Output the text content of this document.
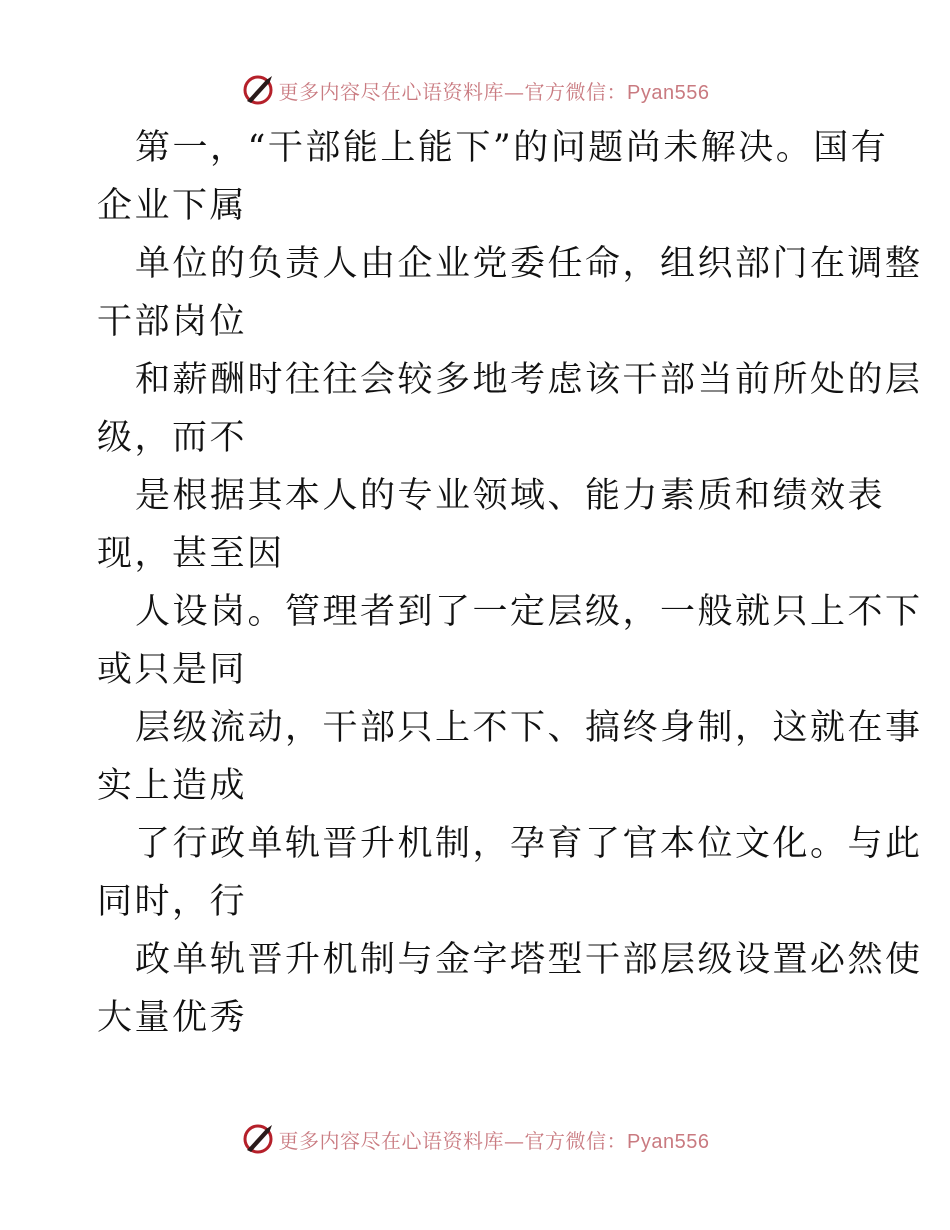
更多内容尽在心语资料库—官方微信：Pyan556

第一，“干部能上能下”的问题尚未解决。国有
企业下属

单位的负责人由企业党委任命，组织部门在调整
干部岗位

和薪酬时往往会较多地考虑该干部当前所处的层
级，而不

是根据其本人的专业领域、能力素质和绩效表
现，甚至因

人设岗。管理者到了一定层级，一般就只上不下
或只是同

层级流动，干部只上不下、搞终身制，这就在事
实上造成

了行政单轨晋升机制，孕育了官本位文化。与此
同时，行

政单轨晋升机制与金字塔型干部层级设置必然使
大量优秀

更多内容尽在心语资料库—官方微信：Pyan556
